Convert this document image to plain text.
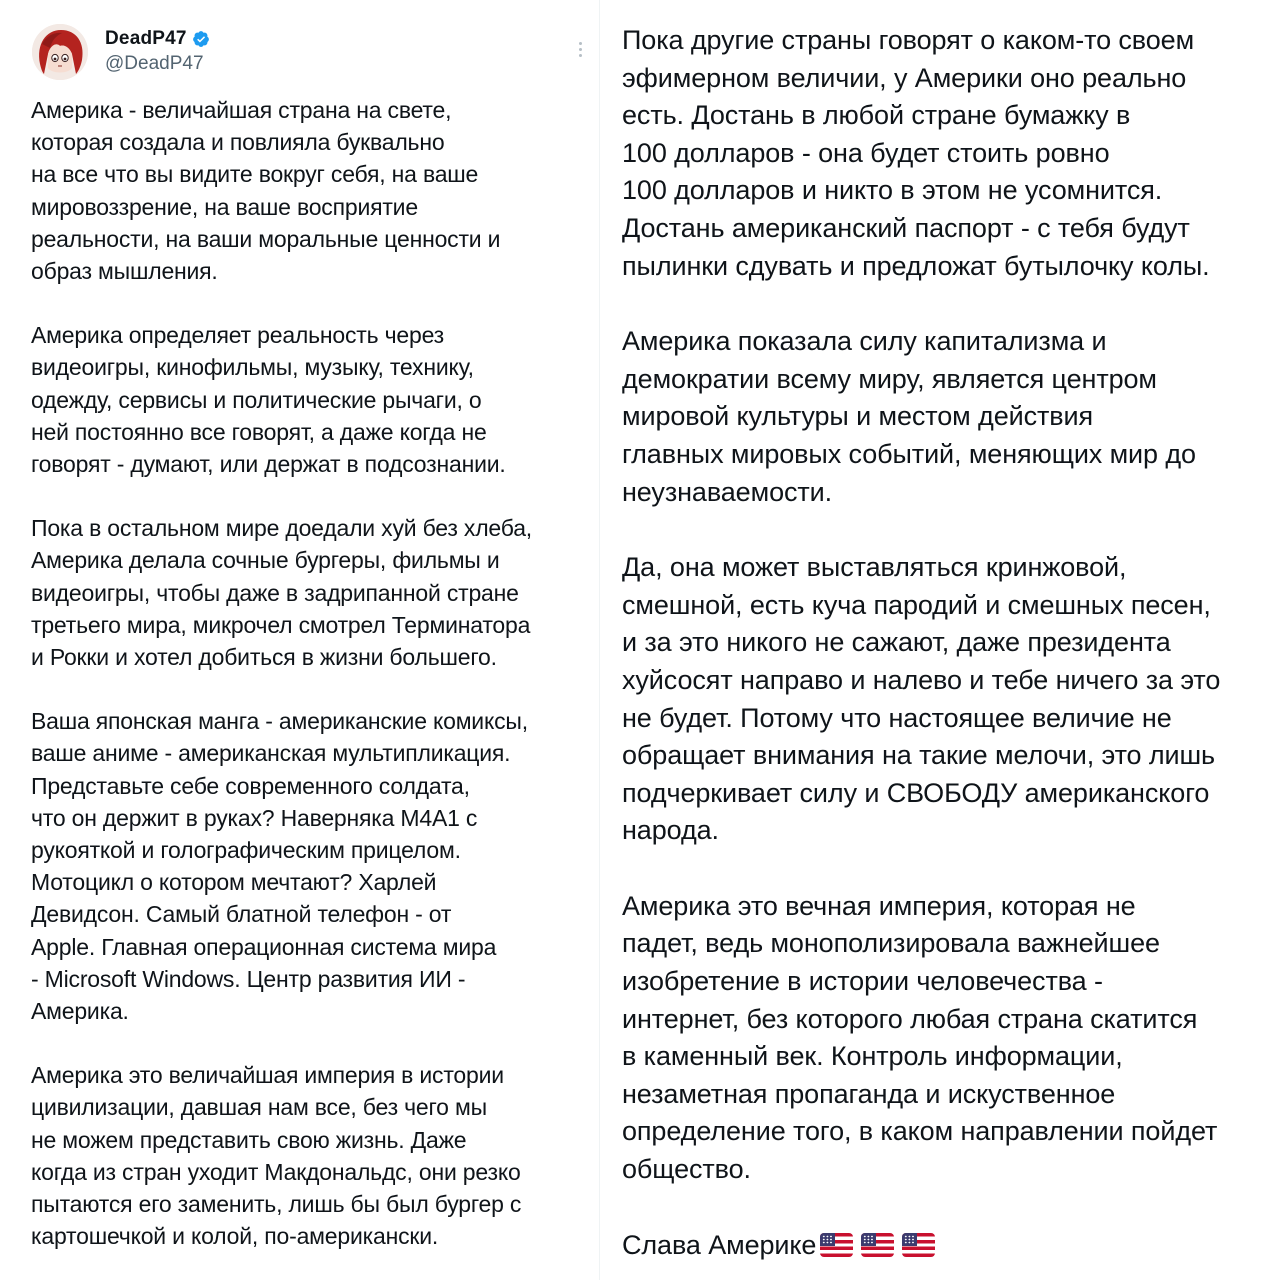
DeadP47
@DeadP47

Америка - величайшая страна на свете,
которая создала и повлияла буквально
на все что вы видите вокруг себя, на ваше
мировоззрение, на ваше восприятие
реальности, на ваши моральные ценности и
образ мышления.

Америка определяет реальность через
видеоигры, кинофильмы, музыку, технику,
одежду, сервисы и политические рычаги, о
ней постоянно все говорят, а даже когда не
говорят - думают, или держат в подсознании.

Пока в остальном мире доедали хуй без хлеба,
Америка делала сочные бургеры, фильмы и
видеоигры, чтобы даже в задрипанной стране
третьего мира, микрочел смотрел Терминатора
и Рокки и хотел добиться в жизни большего.

Ваша японская манга - американские комиксы,
ваше аниме - американская мультипликация.
Представьте себе современного солдата,
что он держит в руках? Наверняка M4A1 с
рукояткой и голографическим прицелом.
Мотоцикл о котором мечтают? Харлей
Девидсон. Самый блатной телефон - от
Apple. Главная операционная система мира
- Microsoft Windows. Центр развития ИИ -
Америка.

Америка это величайшая империя в истории
цивилизации, давшая нам все, без чего мы
не можем представить свою жизнь. Даже
когда из стран уходит Макдональдс, они резко
пытаются его заменить, лишь бы был бургер с
картошечкой и колой, по-американски.

Пока другие страны говорят о каком-то своем
эфимерном величии, у Америки оно реально
есть. Достань в любой стране бумажку в
100 долларов - она будет стоить ровно
100 долларов и никто в этом не усомнится.
Достань американский паспорт - с тебя будут
пылинки сдувать и предложат бутылочку колы.

Америка показала силу капитализма и
демократии всему миру, является центром
мировой культуры и местом действия
главных мировых событий, меняющих мир до
неузнаваемости.

Да, она может выставляться кринжовой,
смешной, есть куча пародий и смешных песен,
и за это никого не сажают, даже президента
хуйсосят направо и налево и тебе ничего за это
не будет. Потому что настоящее величие не
обращает внимания на такие мелочи, это лишь
подчеркивает силу и СВОБОДУ американского
народа.

Америка это вечная империя, которая не
падет, ведь монополизировала важнейшее
изобретение в истории человечества -
интернет, без которого любая страна скатится
в каменный век. Контроль информации,
незаметная пропаганда и искуственное
определение того, в каком направлении пойдет
общество.

Слава Америке
